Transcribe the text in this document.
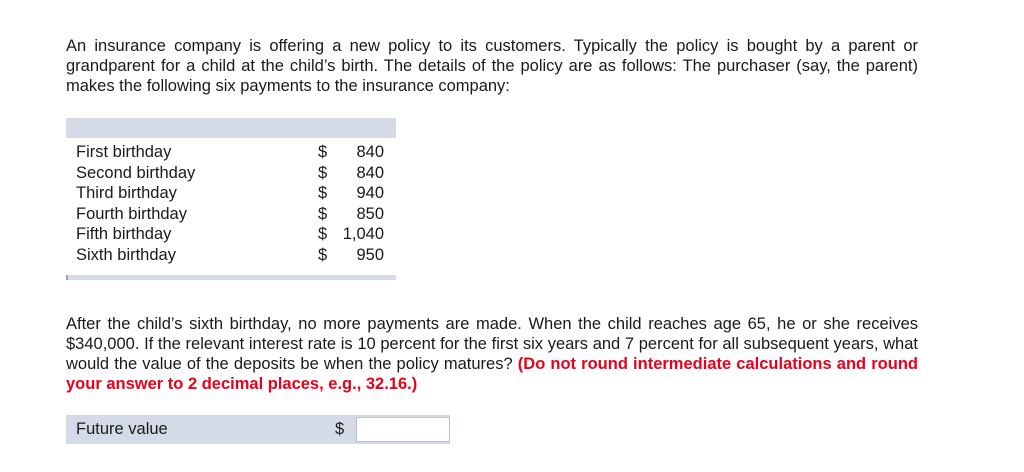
An insurance company is offering a new policy to its customers. Typically the policy is bought by a parent or grandparent for a child at the child’s birth. The details of the policy are as follows: The purchaser (say, the parent) makes the following six payments to the insurance company:

First birthday	$ 840
Second birthday	$ 840
Third birthday	$ 940
Fourth birthday	$ 850
Fifth birthday	$ 1,040
Sixth birthday	$ 950

After the child’s sixth birthday, no more payments are made. When the child reaches age 65, he or she receives $340,000. If the relevant interest rate is 10 percent for the first six years and 7 percent for all subsequent years, what would the value of the deposits be when the policy matures? (Do not round intermediate calculations and round your answer to 2 decimal places, e.g., 32.16.)

Future value	$
